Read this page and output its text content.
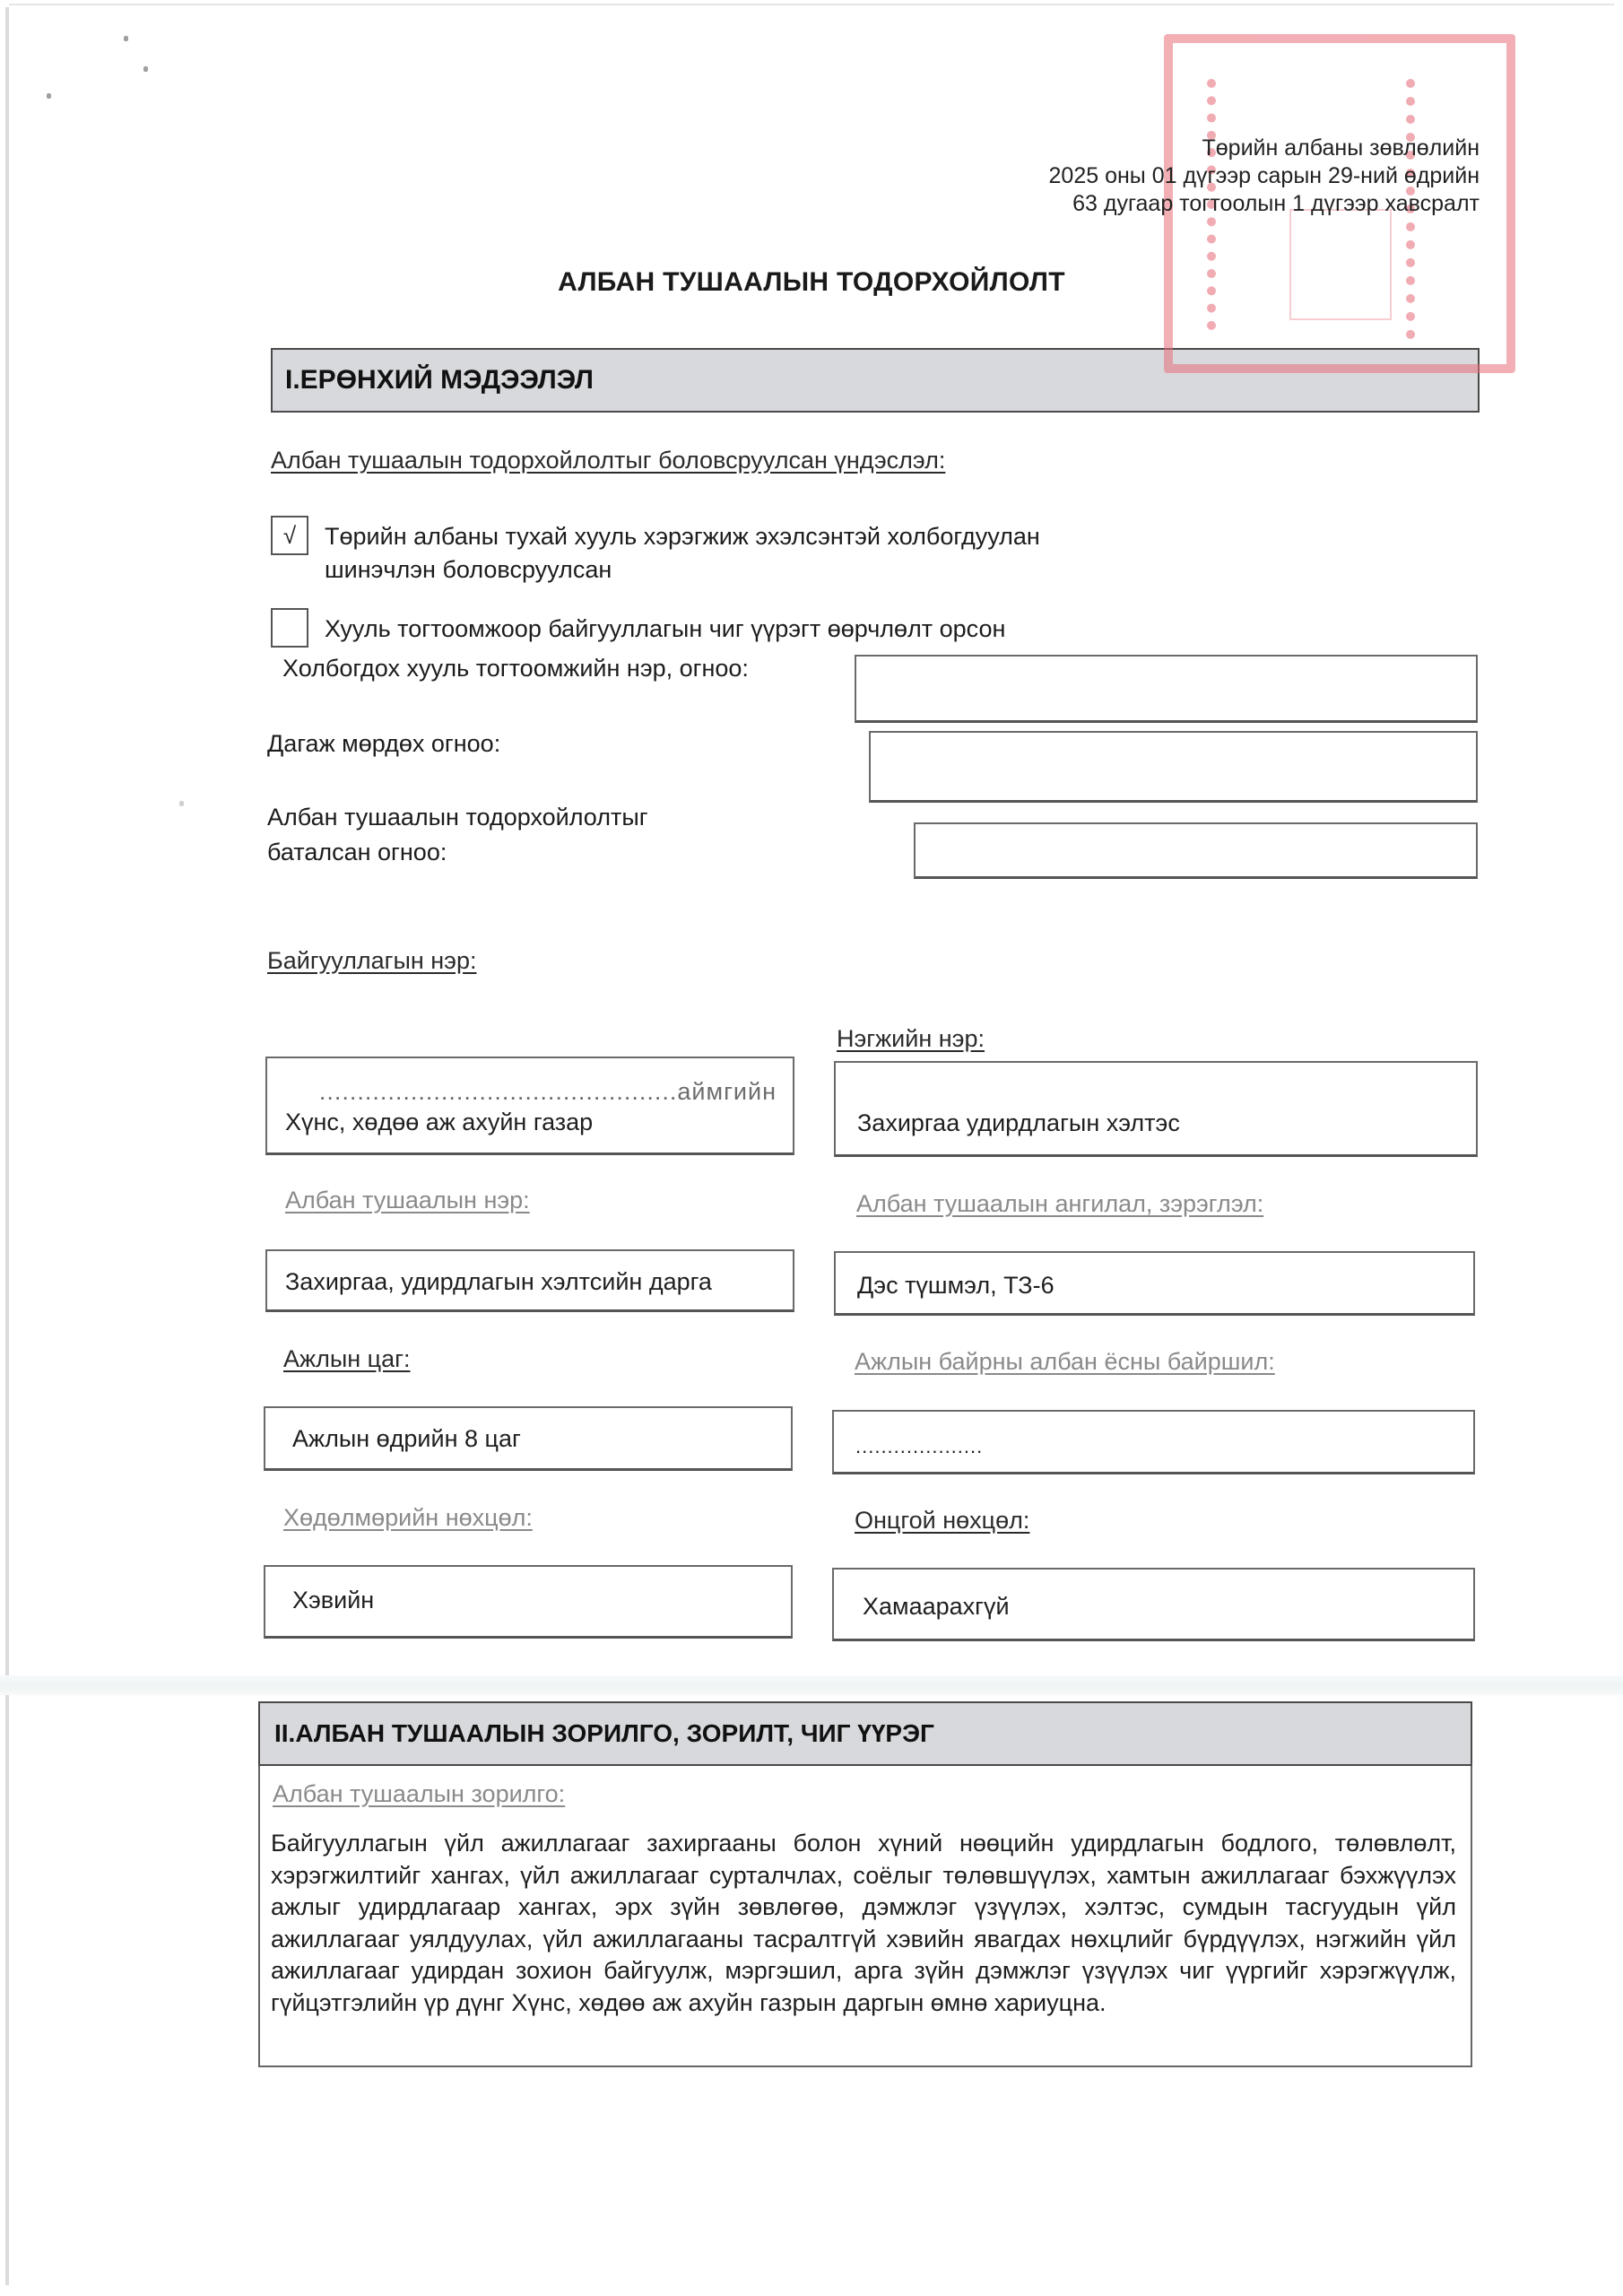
Төрийн албаны зөвлөлийн
2025 оны 01 дүгээр сарын 29-ний өдрийн
63 дугаар тогтоолын 1 дүгээр хавсралт
АЛБАН ТУШААЛЫН ТОДОРХОЙЛОЛТ
I.ЕРӨНХИЙ МЭДЭЭЛЭЛ
Албан тушаалын тодорхойлолтыг боловсруулсан үндэслэл:
√ Төрийн албаны тухай хууль хэрэгжиж эхэлсэнтэй холбогдуулан
шинэчлэн боловсруулсан
Хууль тогтоомжоор байгууллагын чиг үүрэгт өөрчлөлт орсон
Холбогдох хууль тогтоомжийн нэр, огноо:
Дагаж мөрдөх огноо:
Албан тушаалын тодорхойлолтыг
баталсан огноо:
Байгууллагын нэр:
Нэгжийн нэр:
...............................................аймгийн
Хүнс, хөдөө аж ахуйн газар	Захиргаа удирдлагын хэлтэс
Албан тушаалын нэр:	Албан тушаалын ангилал, зэрэглэл:
Захиргаа, удирдлагын хэлтсийн дарга	Дэс түшмэл, ТЗ-6
Ажлын цаг:	Ажлын байрны албан ёсны байршил:
Ажлын өдрийн 8 цаг	....................
Хөдөлмөрийн нөхцөл:	Онцгой нөхцөл:
Хэвийн	Хамаарахгүй
II.АЛБАН ТУШААЛЫН ЗОРИЛГО, ЗОРИЛТ, ЧИГ ҮҮРЭГ
Албан тушаалын зорилго:
Байгууллагын үйл ажиллагааг захиргааны болон хүний нөөцийн удирдлагын бодлого, төлөвлөлт, хэрэгжилтийг хангах, үйл ажиллагааг сурталчлах, соёлыг төлөвшүүлэх, хамтын ажиллагааг бэхжүүлэх ажлыг удирдлагаар хангах, эрх зүйн зөвлөгөө, дэмжлэг үзүүлэх, хэлтэс, сумдын тасгуудын үйл ажиллагааг уялдуулах, үйл ажиллагааны тасралтгүй хэвийн явагдах нөхцлийг бүрдүүлэх, нэгжийн үйл ажиллагааг удирдан зохион байгуулж, мэргэшил, арга зүйн дэмжлэг үзүүлэх чиг үүргийг хэрэгжүүлж, гүйцэтгэлийн үр дүнг Хүнс, хөдөө аж ахуйн газрын даргын өмнө хариуцна.
